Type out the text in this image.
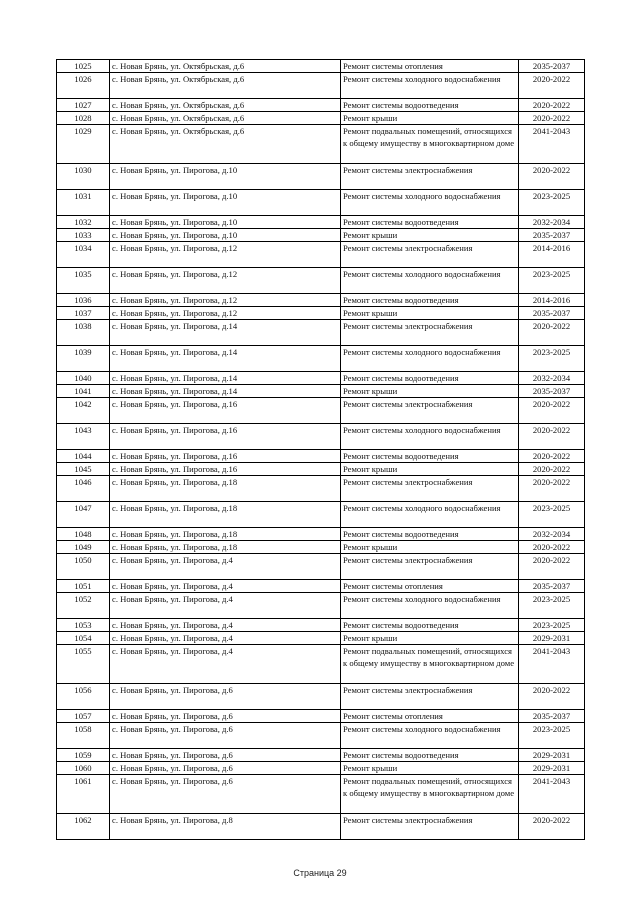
1025	с. Новая Брянь, ул. Октябрьская, д.6	Ремонт системы отопления	2035-2037
1026	с. Новая Брянь, ул. Октябрьская, д.6	Ремонт системы холодного водоснабжения	2020-2022
1027	с. Новая Брянь, ул. Октябрьская, д.6	Ремонт системы водоотведения	2020-2022
1028	с. Новая Брянь, ул. Октябрьская, д.6	Ремонт крыши	2020-2022
1029	с. Новая Брянь, ул. Октябрьская, д.6	Ремонт подвальных помещений, относящихся к общему имуществу в многоквартирном доме	2041-2043
1030	с. Новая Брянь, ул. Пирогова, д.10	Ремонт системы электроснабжения	2020-2022
1031	с. Новая Брянь, ул. Пирогова, д.10	Ремонт системы холодного водоснабжения	2023-2025
1032	с. Новая Брянь, ул. Пирогова, д.10	Ремонт системы водоотведения	2032-2034
1033	с. Новая Брянь, ул. Пирогова, д.10	Ремонт крыши	2035-2037
1034	с. Новая Брянь, ул. Пирогова, д.12	Ремонт системы электроснабжения	2014-2016
1035	с. Новая Брянь, ул. Пирогова, д.12	Ремонт системы холодного водоснабжения	2023-2025
1036	с. Новая Брянь, ул. Пирогова, д.12	Ремонт системы водоотведения	2014-2016
1037	с. Новая Брянь, ул. Пирогова, д.12	Ремонт крыши	2035-2037
1038	с. Новая Брянь, ул. Пирогова, д.14	Ремонт системы электроснабжения	2020-2022
1039	с. Новая Брянь, ул. Пирогова, д.14	Ремонт системы холодного водоснабжения	2023-2025
1040	с. Новая Брянь, ул. Пирогова, д.14	Ремонт системы водоотведения	2032-2034
1041	с. Новая Брянь, ул. Пирогова, д.14	Ремонт крыши	2035-2037
1042	с. Новая Брянь, ул. Пирогова, д.16	Ремонт системы электроснабжения	2020-2022
1043	с. Новая Брянь, ул. Пирогова, д.16	Ремонт системы холодного водоснабжения	2020-2022
1044	с. Новая Брянь, ул. Пирогова, д.16	Ремонт системы водоотведения	2020-2022
1045	с. Новая Брянь, ул. Пирогова, д.16	Ремонт крыши	2020-2022
1046	с. Новая Брянь, ул. Пирогова, д.18	Ремонт системы электроснабжения	2020-2022
1047	с. Новая Брянь, ул. Пирогова, д.18	Ремонт системы холодного водоснабжения	2023-2025
1048	с. Новая Брянь, ул. Пирогова, д.18	Ремонт системы водоотведения	2032-2034
1049	с. Новая Брянь, ул. Пирогова, д.18	Ремонт крыши	2020-2022
1050	с. Новая Брянь, ул. Пирогова, д.4	Ремонт системы электроснабжения	2020-2022
1051	с. Новая Брянь, ул. Пирогова, д.4	Ремонт системы отопления	2035-2037
1052	с. Новая Брянь, ул. Пирогова, д.4	Ремонт системы холодного водоснабжения	2023-2025
1053	с. Новая Брянь, ул. Пирогова, д.4	Ремонт системы водоотведения	2023-2025
1054	с. Новая Брянь, ул. Пирогова, д.4	Ремонт крыши	2029-2031
1055	с. Новая Брянь, ул. Пирогова, д.4	Ремонт подвальных помещений, относящихся к общему имуществу в многоквартирном доме	2041-2043
1056	с. Новая Брянь, ул. Пирогова, д.6	Ремонт системы электроснабжения	2020-2022
1057	с. Новая Брянь, ул. Пирогова, д.6	Ремонт системы отопления	2035-2037
1058	с. Новая Брянь, ул. Пирогова, д.6	Ремонт системы холодного водоснабжения	2023-2025
1059	с. Новая Брянь, ул. Пирогова, д.6	Ремонт системы водоотведения	2029-2031
1060	с. Новая Брянь, ул. Пирогова, д.6	Ремонт крыши	2029-2031
1061	с. Новая Брянь, ул. Пирогова, д.6	Ремонт подвальных помещений, относящихся к общему имуществу в многоквартирном доме	2041-2043
1062	с. Новая Брянь, ул. Пирогова, д.8	Ремонт системы электроснабжения	2020-2022
Страница 29
